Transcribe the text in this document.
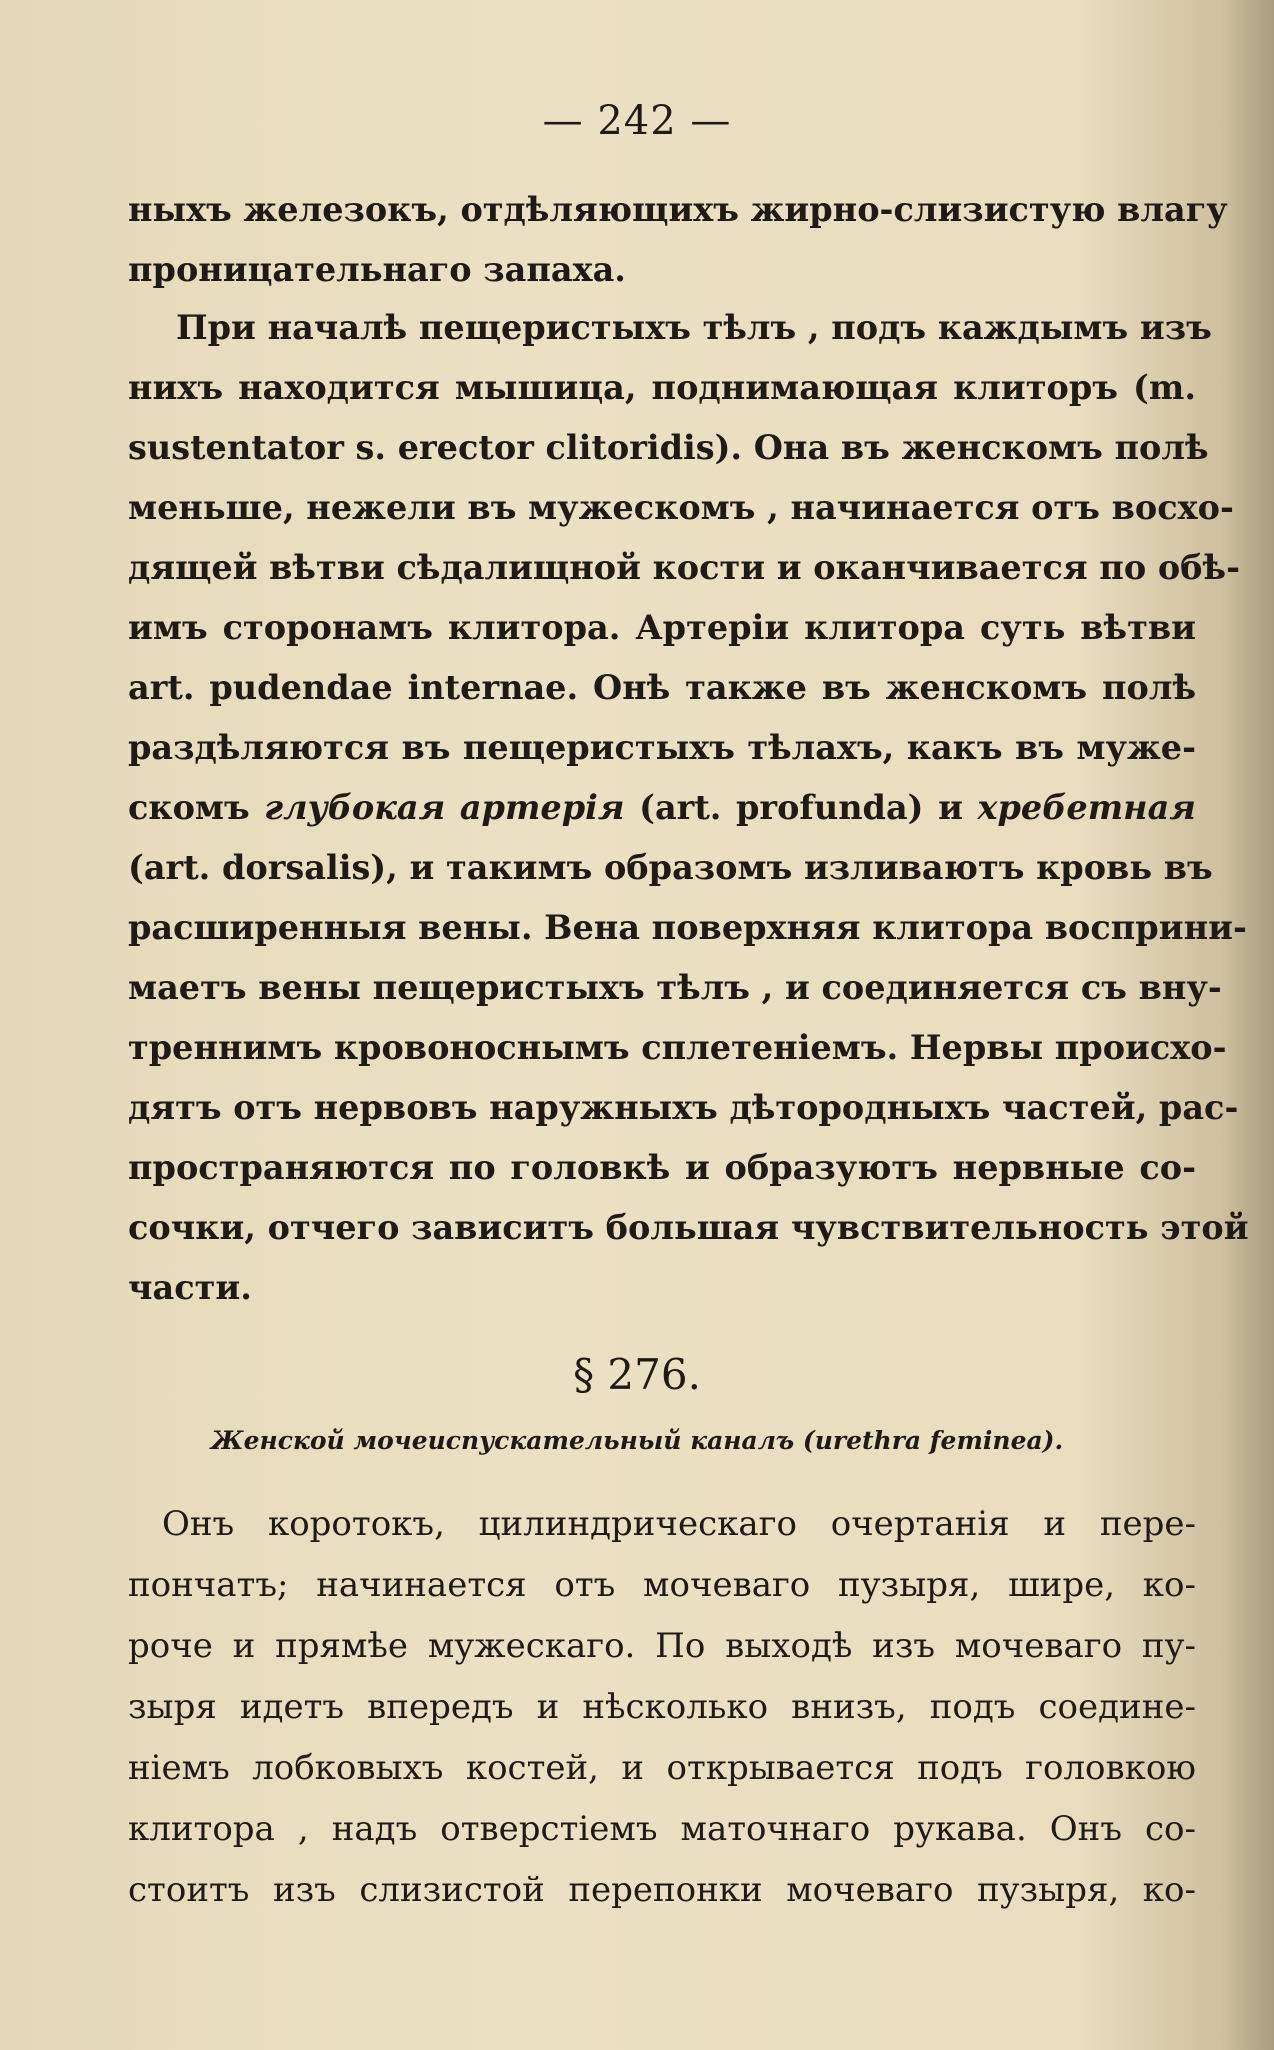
— 242 —
ныхъ железокъ, отдѣляющихъ жирно-слизистую влагу
проницательнаго запаха.
При началѣ пещеристыхъ тѣлъ , подъ каждымъ изъ
нихъ находится мышица, поднимающая клиторъ (m.
sustentator s. erector clitoridis). Она въ женскомъ полѣ
меньше, нежели въ мужескомъ , начинается отъ восхо-
дящей вѣтви сѣдалищной кости и оканчивается по обѣ-
имъ сторонамъ клитора. Артеріи клитора суть вѣтви
art. pudendae internae. Онѣ также въ женскомъ полѣ
раздѣляются въ пещеристыхъ тѣлахъ, какъ въ муже-
скомъ глубокая артерія (art. profunda) и хребетная
(art. dorsalis), и такимъ образомъ изливаютъ кровь въ
расширенныя вены. Вена поверхняя клитора восприни-
маетъ вены пещеристыхъ тѣлъ , и соединяется съ вну-
треннимъ кровоноснымъ сплетеніемъ. Нервы происхо-
дятъ отъ нервовъ наружныхъ дѣтородныхъ частей, рас-
пространяются по головкѣ и образуютъ нервные со-
сочки, отчего зависитъ большая чувствительность этой
части.
§ 276.
Женской мочеиспускательный каналъ (urethra feminea).
Онъ коротокъ, цилиндрическаго очертанія и пере-
пончатъ; начинается отъ мочеваго пузыря, шире, ко-
роче и прямѣе мужескаго. По выходѣ изъ мочеваго пу-
зыря идетъ впередъ и нѣсколько внизъ, подъ соедине-
ніемъ лобковыхъ костей, и открывается подъ головкою
клитора , надъ отверстіемъ маточнаго рукава. Онъ со-
стоитъ изъ слизистой перепонки мочеваго пузыря, ко-
